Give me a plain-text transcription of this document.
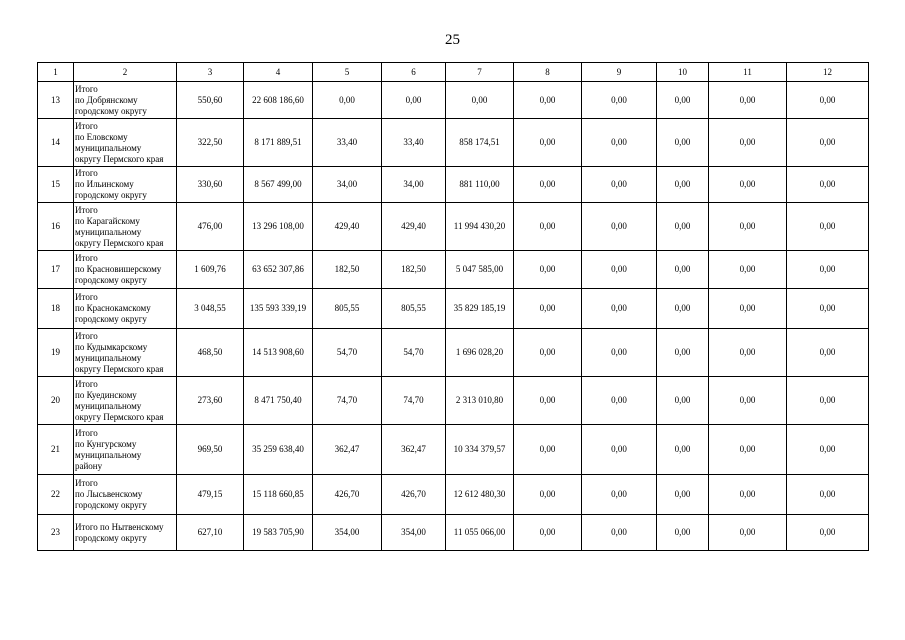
25
1	2	3	4	5	6	7	8	9	10	11	12
13	Итого
по Добрянскому
городскому округу	550,60	22 608 186,60	0,00	0,00	0,00	0,00	0,00	0,00	0,00	0,00
14	Итого
по Еловскому
муниципальному
округу Пермского края	322,50	8 171 889,51	33,40	33,40	858 174,51	0,00	0,00	0,00	0,00	0,00
15	Итого
по Ильинскому
городскому округу	330,60	8 567 499,00	34,00	34,00	881 110,00	0,00	0,00	0,00	0,00	0,00
16	Итого
по Карагайскому
муниципальному
округу Пермского края	476,00	13 296 108,00	429,40	429,40	11 994 430,20	0,00	0,00	0,00	0,00	0,00
17	Итого
по Красновишерскому
городскому округу	1 609,76	63 652 307,86	182,50	182,50	5 047 585,00	0,00	0,00	0,00	0,00	0,00
18	Итого
по Краснокамскому
городскому округу	3 048,55	135 593 339,19	805,55	805,55	35 829 185,19	0,00	0,00	0,00	0,00	0,00
19	Итого
по Кудымкарскому
муниципальному
округу Пермского края	468,50	14 513 908,60	54,70	54,70	1 696 028,20	0,00	0,00	0,00	0,00	0,00
20	Итого
по Куединскому
муниципальному
округу Пермского края	273,60	8 471 750,40	74,70	74,70	2 313 010,80	0,00	0,00	0,00	0,00	0,00
21	Итого
по Кунгурскому
муниципальному
району	969,50	35 259 638,40	362,47	362,47	10 334 379,57	0,00	0,00	0,00	0,00	0,00
22	Итого
по Лысьвенскому
городскому округу	479,15	15 118 660,85	426,70	426,70	12 612 480,30	0,00	0,00	0,00	0,00	0,00
23	Итого по Нытвенскому
городскому округу	627,10	19 583 705,90	354,00	354,00	11 055 066,00	0,00	0,00	0,00	0,00	0,00
